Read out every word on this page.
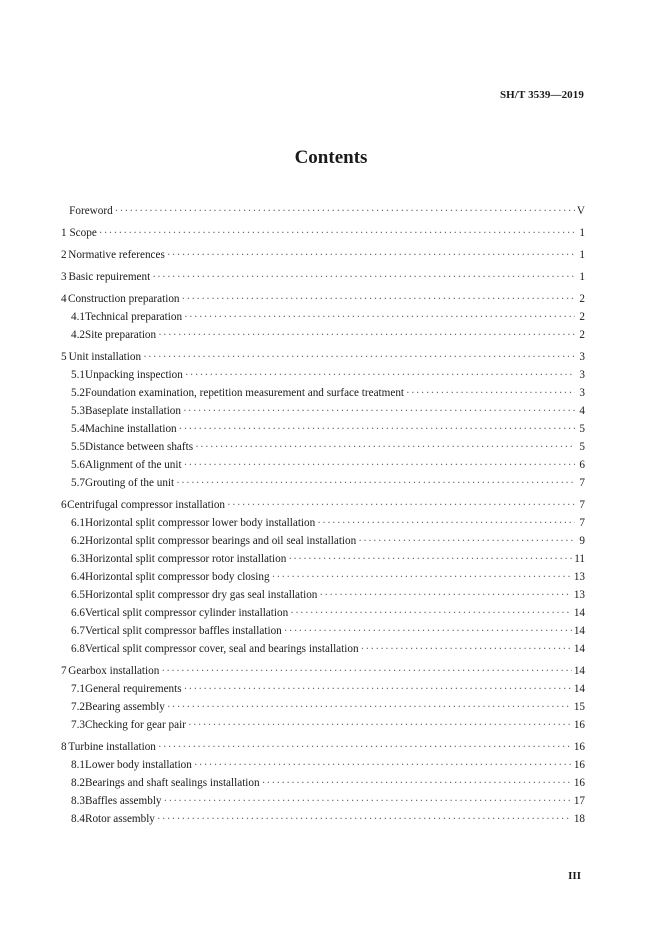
SH/T 3539—2019
Contents
Foreword ·····	V
1 Scope ·····	1
2 Normative references ·····	1
3 Basic repuirement ·····	1
4 Construction preparation ·····	2
4.1 Technical preparation ·····	2
4.2 Site preparation ·····	2
5 Unit installation ·····	3
5.1 Unpacking inspection ·····	3
5.2 Foundation examination, repetition measurement and surface treatment ·····	3
5.3 Baseplate installation ·····	4
5.4 Machine installation ·····	5
5.5 Distance between shafts ·····	5
5.6 Alignment of the unit ·····	6
5.7 Grouting of the unit ·····	7
6 Centrifugal compressor installation ·····	7
6.1 Horizontal split compressor lower body installation ·····	7
6.2 Horizontal split compressor bearings and oil seal installation ·····	9
6.3 Horizontal split compressor rotor installation ·····	11
6.4 Horizontal split compressor body closing ·····	13
6.5 Horizontal split compressor dry gas seal installation ·····	13
6.6 Vertical split compressor cylinder installation ·····	14
6.7 Vertical split compressor baffles installation ·····	14
6.8 Vertical split compressor cover, seal and bearings installation ·····	14
7 Gearbox installation ·····	14
7.1 General requirements ·····	14
7.2 Bearing assembly ·····	15
7.3 Checking for gear pair ·····	16
8 Turbine installation ·····	16
8.1 Lower body installation ·····	16
8.2 Bearings and shaft sealings installation ·····	16
8.3 Baffles assembly ·····	17
8.4 Rotor assembly ·····	18
III
